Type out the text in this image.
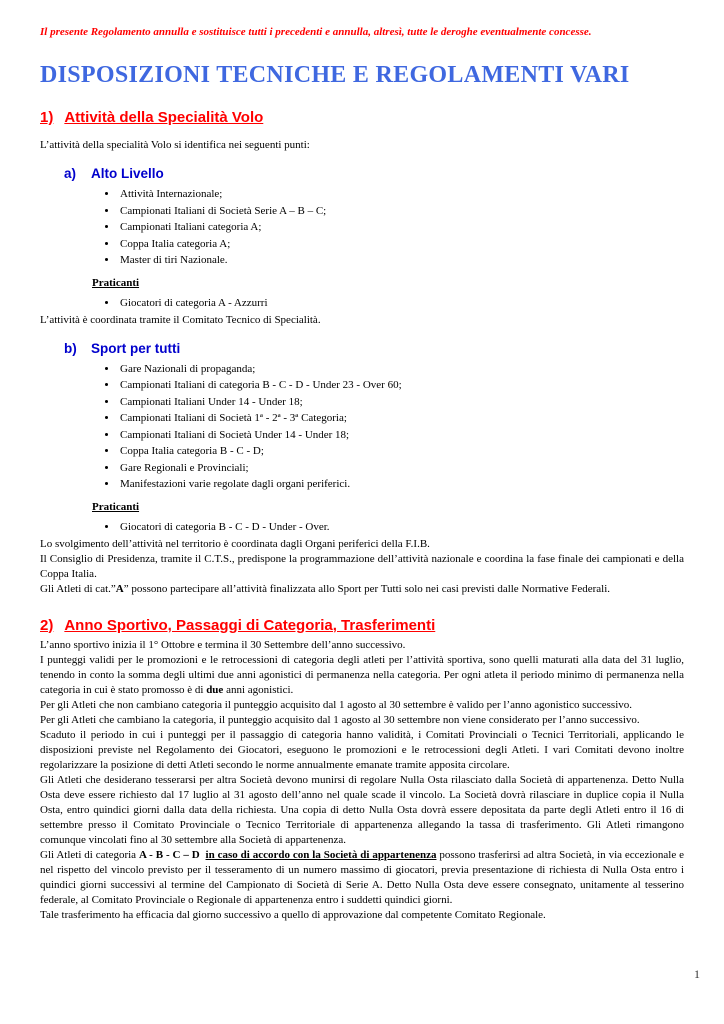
Il presente Regolamento annulla e sostituisce tutti i precedenti e annulla, altresì, tutte le deroghe eventualmente concesse.
DISPOSIZIONI TECNICHE E REGOLAMENTI VARI
1) Attività della Specialità Volo

L’attività della specialità Volo si identifica nei seguenti punti:

a) Alto Livello
• Attività Internazionale;
• Campionati Italiani di Società Serie A – B – C;
• Campionati Italiani categoria A;
• Coppa Italia categoria A;
• Master di tiri Nazionale.
Praticanti
• Giocatori di categoria A - Azzurri

L’attività è coordinata tramite il Comitato Tecnico di Specialità.

b) Sport per tutti
• Gare Nazionali di propaganda;
• Campionati Italiani di categoria B - C - D - Under 23 - Over 60;
• Campionati Italiani Under 14 - Under 18;
• Campionati Italiani di Società 1ª - 2ª - 3ª Categoria;
• Campionati Italiani di Società Under 14 - Under 18;
• Coppa Italia categoria B - C - D;
• Gare Regionali e Provinciali;
• Manifestazioni varie regolate dagli organi periferici.
Praticanti
• Giocatori di categoria B - C - D - Under - Over.

Lo svolgimento dell’attività nel territorio è coordinata dagli Organi periferici della F.I.B.

Il Consiglio di Presidenza, tramite il C.T.S., predispone la programmazione dell’attività nazionale e coordina la fase finale dei campionati e della Coppa Italia.

Gli Atleti di cat.”A” possono partecipare all’attività finalizzata allo Sport per Tutti solo nei casi previsti dalle Normative Federali.

2) Anno Sportivo, Passaggi di Categoria, Trasferimenti

L’anno sportivo inizia il 1° Ottobre e termina il 30 Settembre dell’anno successivo.

I punteggi validi per le promozioni e le retrocessioni di categoria degli atleti per l’attività sportiva, sono quelli maturati alla data del 31 luglio, tenendo in conto la somma degli ultimi due anni agonistici di permanenza nella categoria. Per ogni atleta il periodo minimo di permanenza nella categoria in cui è stato promosso è di due anni agonistici.

Per gli Atleti che non cambiano categoria il punteggio acquisito dal 1 agosto al 30 settembre è valido per l’anno agonistico successivo.

Per gli Atleti che cambiano la categoria, il punteggio acquisito dal 1 agosto al 30 settembre non viene considerato per l’anno successivo.

Scaduto il periodo in cui i punteggi per il passaggio di categoria hanno validità, i Comitati Provinciali o Tecnici Territoriali, applicando le disposizioni previste nel Regolamento dei Giocatori, eseguono le promozioni e le retrocessioni degli Atleti. I vari Comitati devono inoltre regolarizzare la posizione di detti Atleti secondo le norme annualmente emanate tramite apposita circolare.

Gli Atleti che desiderano tesserarsi per altra Società devono munirsi di regolare Nulla Osta rilasciato dalla Società di appartenenza. Detto Nulla Osta deve essere richiesto dal 17 luglio al 31 agosto dell’anno nel quale scade il vincolo. La Società dovrà rilasciare in duplice copia il Nulla Osta, entro quindici giorni dalla data della richiesta. Una copia di detto Nulla Osta dovrà essere depositata da parte degli Atleti entro il 16 di settembre presso il Comitato Provinciale o Tecnico Territoriale di appartenenza allegando la tassa di trasferimento. Gli Atleti rimangono comunque vincolati fino al 30 settembre alla Società di appartenenza.

Gli Atleti di categoria A - B - C – D in caso di accordo con la Società di appartenenza possono trasferirsi ad altra Società, in via eccezionale e nel rispetto del vincolo previsto per il tesseramento di un numero massimo di giocatori, previa presentazione di richiesta di Nulla Osta entro i quindici giorni successivi al termine del Campionato di Società di Serie A. Detto Nulla Osta deve essere consegnato, unitamente al tesserino federale, al Comitato Provinciale o Regionale di appartenenza entro i suddetti quindici giorni.

Tale trasferimento ha efficacia dal giorno successivo a quello di approvazione dal competente Comitato Regionale.

1
